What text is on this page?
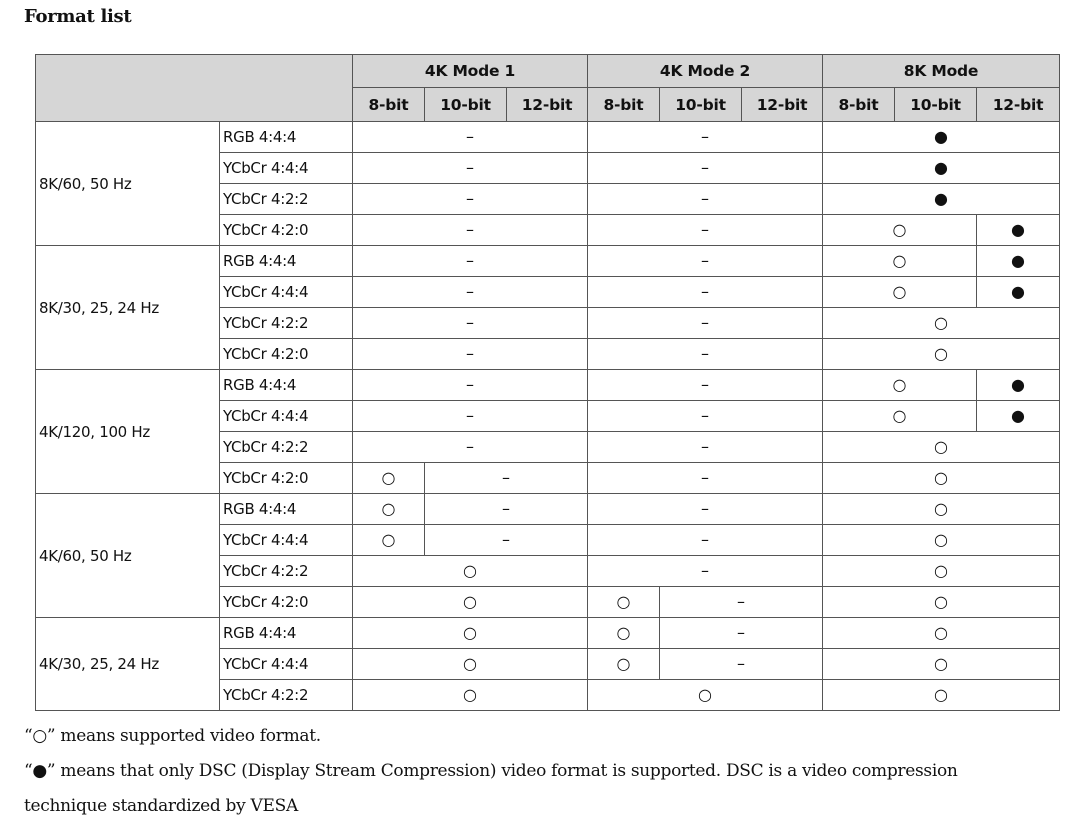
Format list
		4K Mode 1			4K Mode 2			8K Mode		
		8-bit	10-bit	12-bit	8-bit	10-bit	12-bit	8-bit	10-bit	12-bit
8K/60, 50 Hz	RGB 4:4:4	–			–			●		
	YCbCr 4:4:4	–			–			●		
	YCbCr 4:2:2	–			–			●		
	YCbCr 4:2:0	–			–			○		●
8K/30, 25, 24 Hz	RGB 4:4:4	–			–			○		●
	YCbCr 4:4:4	–			–			○		●
	YCbCr 4:2:2	–			–			○		
	YCbCr 4:2:0	–			–			○		
4K/120, 100 Hz	RGB 4:4:4	–			–			○		●
	YCbCr 4:4:4	–			–			○		●
	YCbCr 4:2:2	–			–			○		
	YCbCr 4:2:0	○	–		–			○		
4K/60, 50 Hz	RGB 4:4:4	○	–		–			○		
	YCbCr 4:4:4	○	–		–			○		
	YCbCr 4:2:2	○			–			○		
	YCbCr 4:2:0	○			○	–		○		
4K/30, 25, 24 Hz	RGB 4:4:4	○			○	–		○		
	YCbCr 4:4:4	○			○	–		○		
	YCbCr 4:2:2	○			○			○		
“○” means supported video format.
“●” means that only DSC (Display Stream Compression) video format is supported. DSC is a video compression
technique standardized by VESA
